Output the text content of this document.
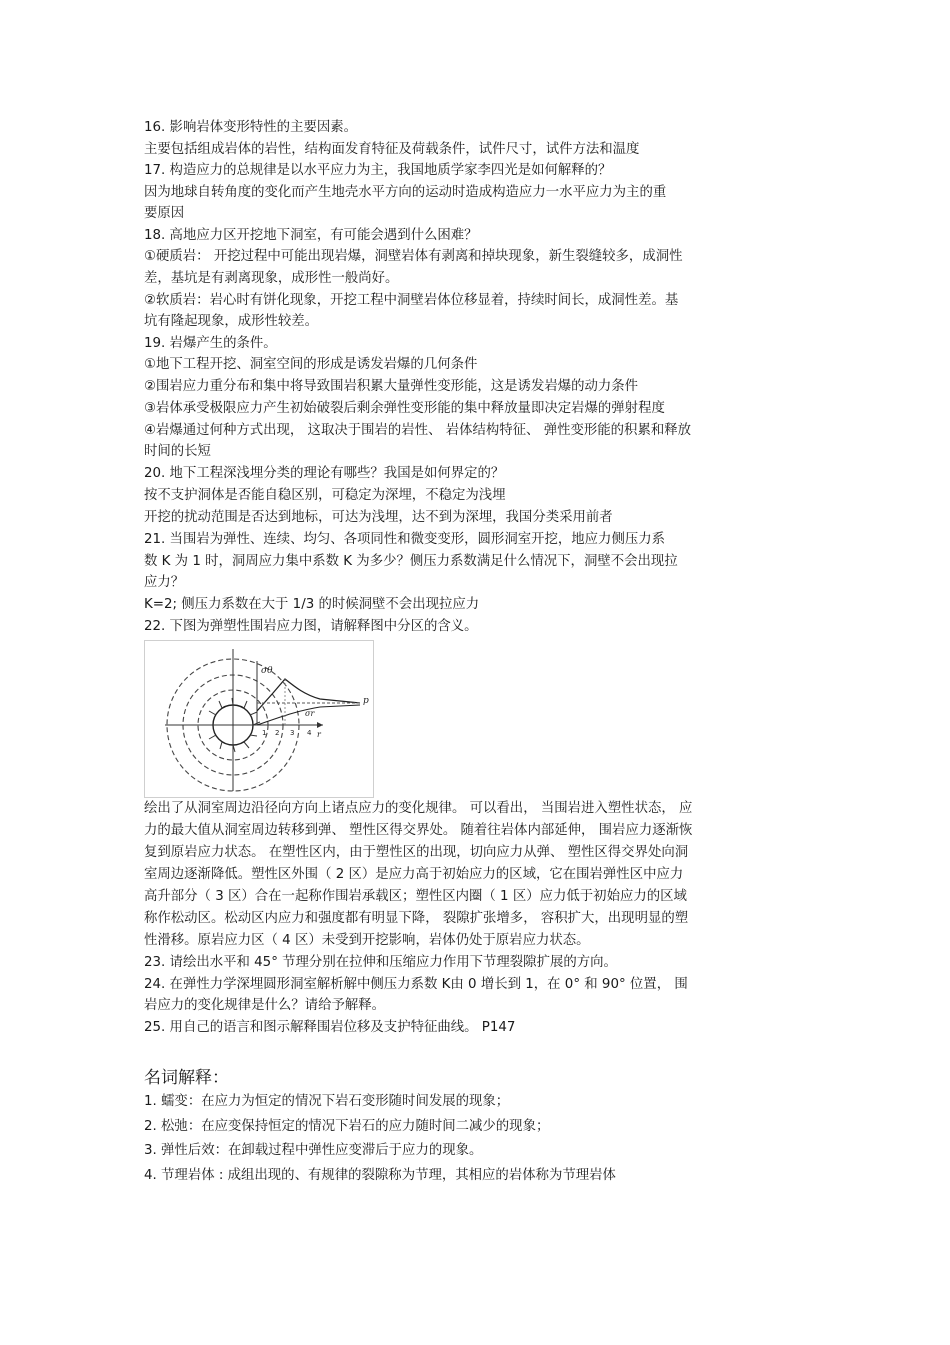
16. 影响岩体变形特性的主要因素。
主要包括组成岩体的岩性，结构面发育特征及荷载条件，试件尺寸，试件方法和温度
17. 构造应力的总规律是以水平应力为主，我国地质学家李四光是如何解释的？
因为地球自转角度的变化而产生地壳水平方向的运动时造成构造应力一水平应力为主的重
要原因
18. 高地应力区开挖地下洞室，有可能会遇到什么困难？
①硬质岩： 开挖过程中可能出现岩爆，洞壁岩体有剥离和掉块现象，新生裂缝较多，成洞性
差，基坑是有剥离现象，成形性一般尚好。
②软质岩：岩心时有饼化现象，开挖工程中洞壁岩体位移显着，持续时间长，成洞性差。基
坑有隆起现象，成形性较差。
19. 岩爆产生的条件。
①地下工程开挖、洞室空间的形成是诱发岩爆的几何条件
②围岩应力重分布和集中将导致围岩积累大量弹性变形能，这是诱发岩爆的动力条件
③岩体承受极限应力产生初始破裂后剩余弹性变形能的集中释放量即决定岩爆的弹射程度
④岩爆通过何种方式出现， 这取决于围岩的岩性、 岩体结构特征、 弹性变形能的积累和释放
时间的长短
20. 地下工程深浅埋分类的理论有哪些？我国是如何界定的？
按不支护洞体是否能自稳区别，可稳定为深埋，不稳定为浅埋
开挖的扰动范围是否达到地标，可达为浅埋，达不到为深埋，我国分类采用前者
21. 当围岩为弹性、连续、均匀、各项同性和微变变形，圆形洞室开挖，地应力侧压力系
数 K 为 1 时，洞周应力集中系数 K 为多少？侧压力系数满足什么情况下，洞壁不会出现拉
应力？
K=2; 侧压力系数在大于 1/3 的时候洞壁不会出现拉应力
22. 下图为弹塑性围岩应力图，请解释图中分区的含义。
σθ
σr
p
r
1 2 3 4
绘出了从洞室周边沿径向方向上诸点应力的变化规律。 可以看出， 当围岩进入塑性状态， 应
力的最大值从洞室周边转移到弹、 塑性区得交界处。 随着往岩体内部延伸， 围岩应力逐渐恢
复到原岩应力状态。 在塑性区内，由于塑性区的出现，切向应力从弹、 塑性区得交界处向洞
室周边逐渐降低。塑性区外围（ 2 区）是应力高于初始应力的区域，它在围岩弹性区中应力
高升部分（ 3 区）合在一起称作围岩承载区；塑性区内圈（ 1 区）应力低于初始应力的区域
称作松动区。松动区内应力和强度都有明显下降， 裂隙扩张增多， 容积扩大，出现明显的塑
性滑移。原岩应力区（ 4 区）未受到开挖影响，岩体仍处于原岩应力状态。
23. 请绘出水平和 45° 节理分别在拉伸和压缩应力作用下节理裂隙扩展的方向。
24. 在弹性力学深埋圆形洞室解析解中侧压力系数 K由 0 增长到 1，在 0° 和 90° 位置， 围
岩应力的变化规律是什么？请给予解释。
25. 用自己的语言和图示解释围岩位移及支护特征曲线。 P147
名词解释：
1. 蠕变：在应力为恒定的情况下岩石变形随时间发展的现象；
2. 松弛：在应变保持恒定的情况下岩石的应力随时间二减少的现象；
3. 弹性后效：在卸载过程中弹性应变滞后于应力的现象。
4. 节理岩体 : 成组出现的、有规律的裂隙称为节理，其相应的岩体称为节理岩体
